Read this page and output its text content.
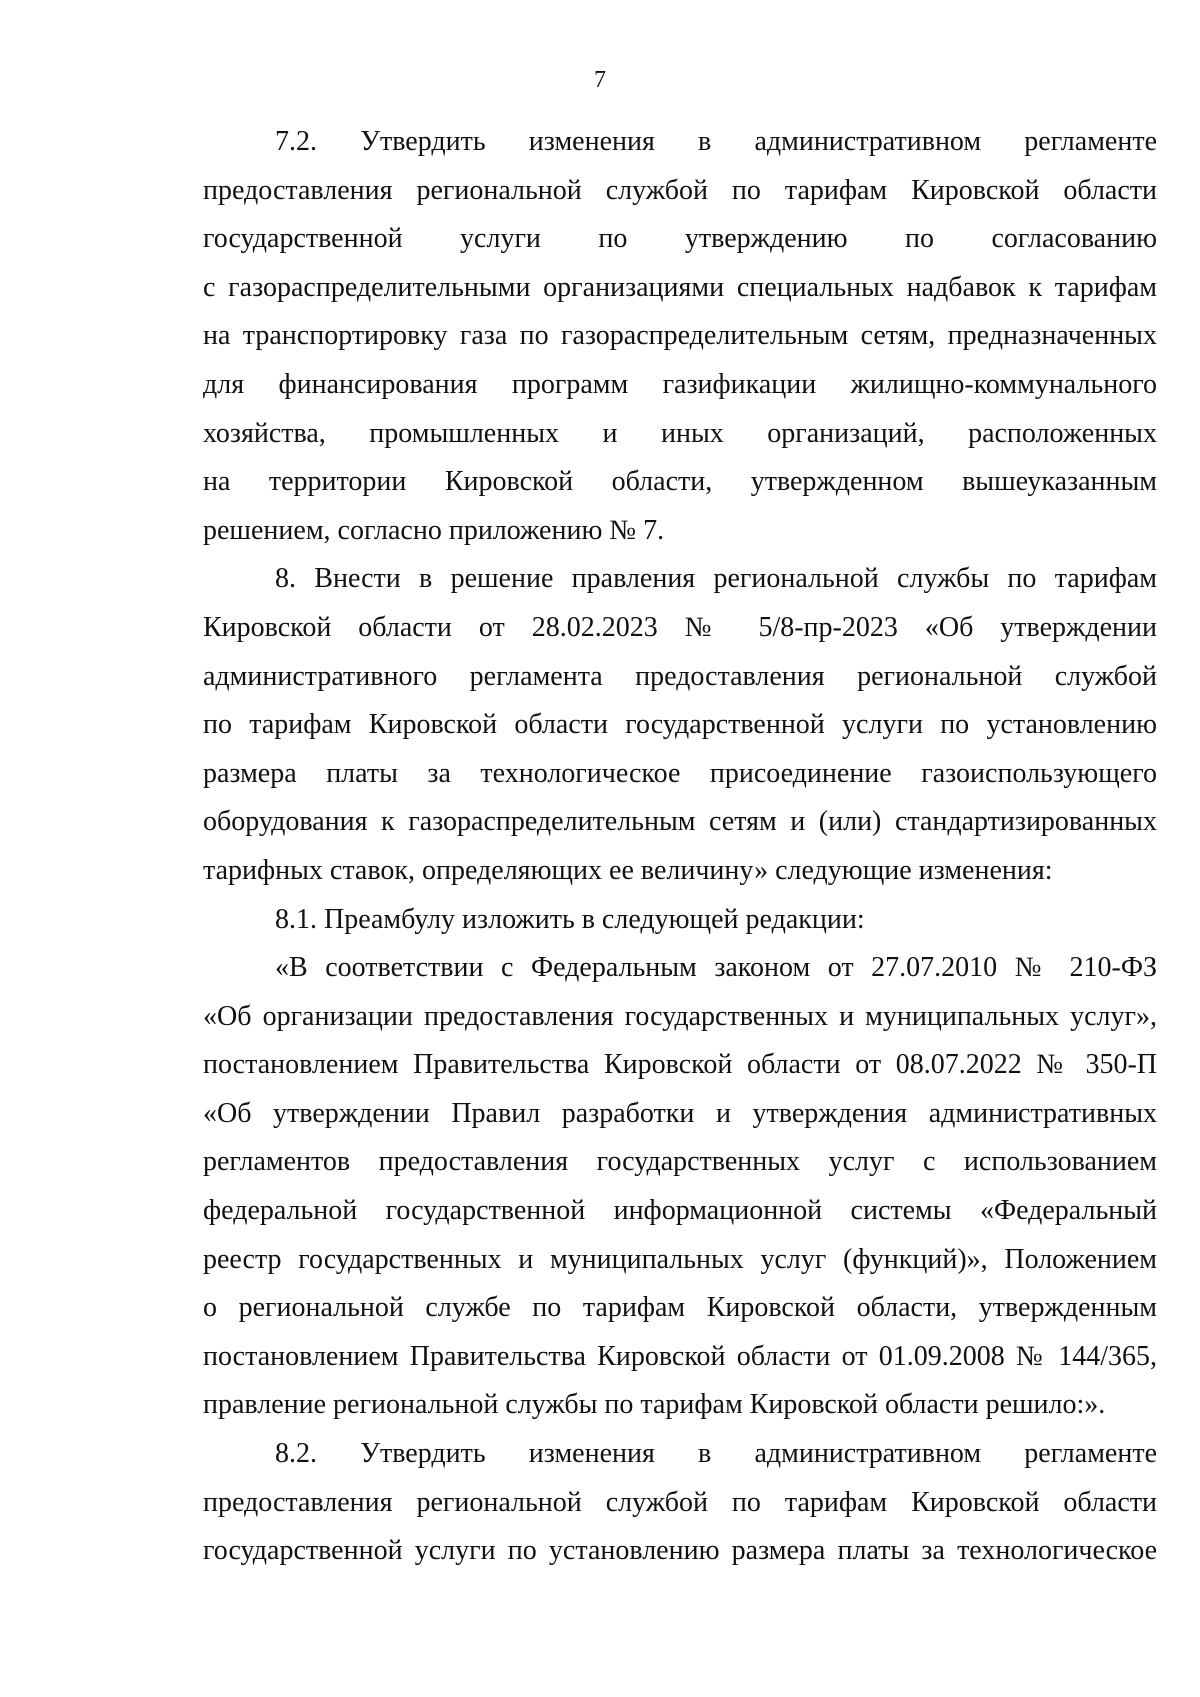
7
7.2. Утвердить изменения в административном регламенте
предоставления региональной службой по тарифам Кировской области
государственной услуги по утверждению по согласованию
с газораспределительными организациями специальных надбавок к тарифам
на транспортировку газа по газораспределительным сетям, предназначенных
для финансирования программ газификации жилищно-коммунального
хозяйства, промышленных и иных организаций, расположенных
на территории Кировской области, утвержденном вышеуказанным
решением, согласно приложению № 7.
8. Внести в решение правления региональной службы по тарифам
Кировской области от 28.02.2023 № 5/8-пр-2023 «Об утверждении
административного регламента предоставления региональной службой
по тарифам Кировской области государственной услуги по установлению
размера платы за технологическое присоединение газоиспользующего
оборудования к газораспределительным сетям и (или) стандартизированных
тарифных ставок, определяющих ее величину» следующие изменения:
8.1. Преамбулу изложить в следующей редакции:
«В соответствии с Федеральным законом от 27.07.2010 № 210-ФЗ
«Об организации предоставления государственных и муниципальных услуг»,
постановлением Правительства Кировской области от 08.07.2022 № 350-П
«Об утверждении Правил разработки и утверждения административных
регламентов предоставления государственных услуг с использованием
федеральной государственной информационной системы «Федеральный
реестр государственных и муниципальных услуг (функций)», Положением
о региональной службе по тарифам Кировской области, утвержденным
постановлением Правительства Кировской области от 01.09.2008 № 144/365,
правление региональной службы по тарифам Кировской области решило:».
8.2. Утвердить изменения в административном регламенте
предоставления региональной службой по тарифам Кировской области
государственной услуги по установлению размера платы за технологическое
